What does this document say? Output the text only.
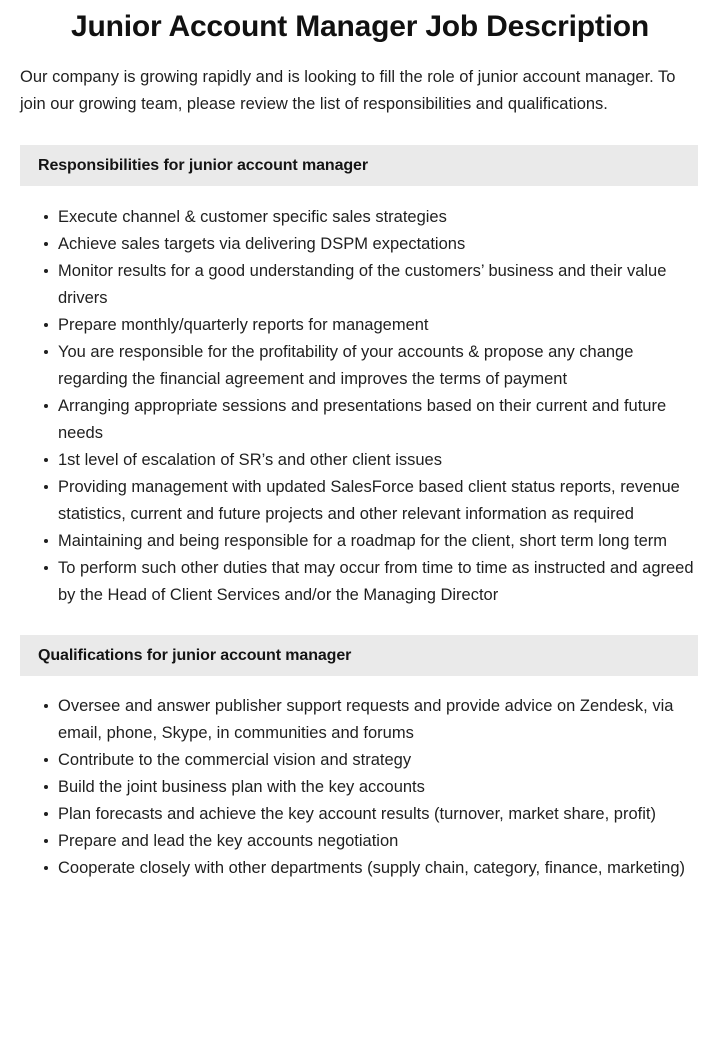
Junior Account Manager Job Description

Our company is growing rapidly and is looking to fill the role of junior account manager. To join our growing team, please review the list of responsibilities and qualifications.

Responsibilities for junior account manager
Execute channel & customer specific sales strategies
Achieve sales targets via delivering DSPM expectations
Monitor results for a good understanding of the customers’ business and their value drivers
Prepare monthly/quarterly reports for management
You are responsible for the profitability of your accounts & propose any change regarding the financial agreement and improves the terms of payment
Arranging appropriate sessions and presentations based on their current and future needs
1st level of escalation of SR’s and other client issues
Providing management with updated SalesForce based client status reports, revenue statistics, current and future projects and other relevant information as required
Maintaining and being responsible for a roadmap for the client, short term long term
To perform such other duties that may occur from time to time as instructed and agreed by the Head of Client Services and/or the Managing Director
Qualifications for junior account manager
Oversee and answer publisher support requests and provide advice on Zendesk, via email, phone, Skype, in communities and forums
Contribute to the commercial vision and strategy
Build the joint business plan with the key accounts
Plan forecasts and achieve the key account results (turnover, market share, profit)
Prepare and lead the key accounts negotiation
Cooperate closely with other departments (supply chain, category, finance, marketing)
